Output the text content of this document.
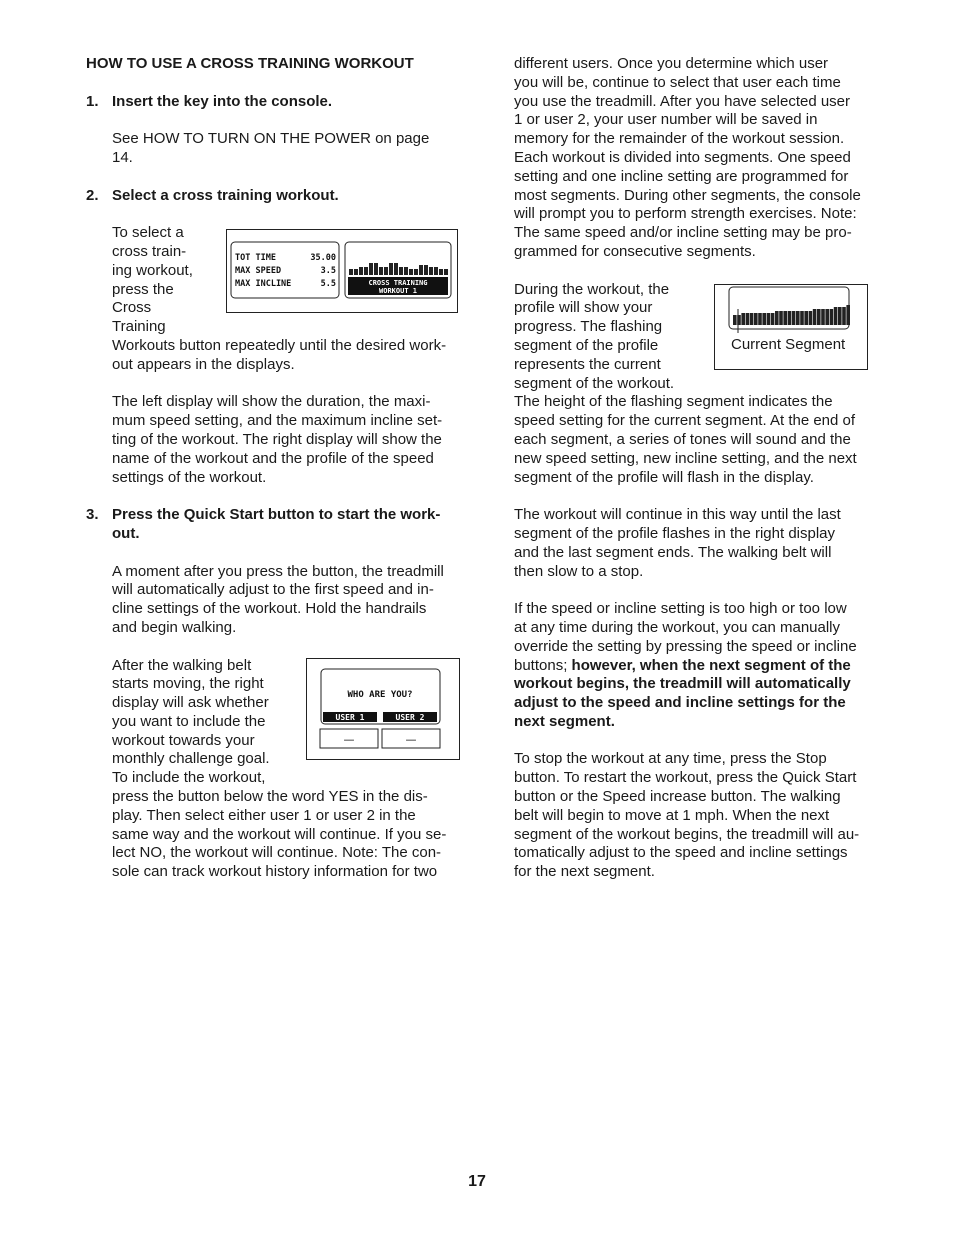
HOW TO USE A CROSS TRAINING WORKOUT

1. Insert the key into the console.
See HOW TO TURN ON THE POWER on page 14.
2. Select a cross training workout.
To select a
cross train-
ing workout,
press the
Cross
Training
Workouts button repeatedly until the desired work-
out appears in the displays.
The left display will show the duration, the maxi-
mum speed setting, and the maximum incline set-
ting of the workout. The right display will show the
name of the workout and the profile of the speed
settings of the workout.
3. Press the Quick Start button to start the work-
out.
A moment after you press the button, the treadmill
will automatically adjust to the first speed and in-
cline settings of the workout. Hold the handrails
and begin walking.
After the walking belt
starts moving, the right
display will ask whether
you want to include the
workout towards your
monthly challenge goal.
To include the workout,
press the button below the word YES in the dis-
play. Then select either user 1 or user 2 in the
same way and the workout will continue. If you se-
lect NO, the workout will continue. Note: The con-
sole can track workout history information for two
TOT TIME	35.00
MAX SPEED	3.5
MAX INCLINE	5.5	CROSS TRAINING
WORKOUT 1
WHO ARE YOU?
USER 1	USER 2
—	—
Current Segment
different users. Once you determine which user
you will be, continue to select that user each time
you use the treadmill. After you have selected user
1 or user 2, your user number will be saved in
memory for the remainder of the workout session.
Each workout is divided into segments. One speed
setting and one incline setting are programmed for
most segments. During other segments, the console
will prompt you to perform strength exercises. Note:
The same speed and/or incline setting may be pro-
grammed for consecutive segments.
During the workout, the
profile will show your
progress. The flashing
segment of the profile
represents the current
segment of the workout.
The height of the flashing segment indicates the
speed setting for the current segment. At the end of
each segment, a series of tones will sound and the
new speed setting, new incline setting, and the next
segment of the profile will flash in the display.
The workout will continue in this way until the last
segment of the profile flashes in the right display
and the last segment ends. The walking belt will
then slow to a stop.
If the speed or incline setting is too high or too low
at any time during the workout, you can manually
override the setting by pressing the speed or incline
buttons; however, when the next segment of the
workout begins, the treadmill will automatically
adjust to the speed and incline settings for the
next segment.
To stop the workout at any time, press the Stop
button. To restart the workout, press the Quick Start
button or the Speed increase button. The walking
belt will begin to move at 1 mph. When the next
segment of the workout begins, the treadmill will au-
tomatically adjust to the speed and incline settings
for the next segment.
17
